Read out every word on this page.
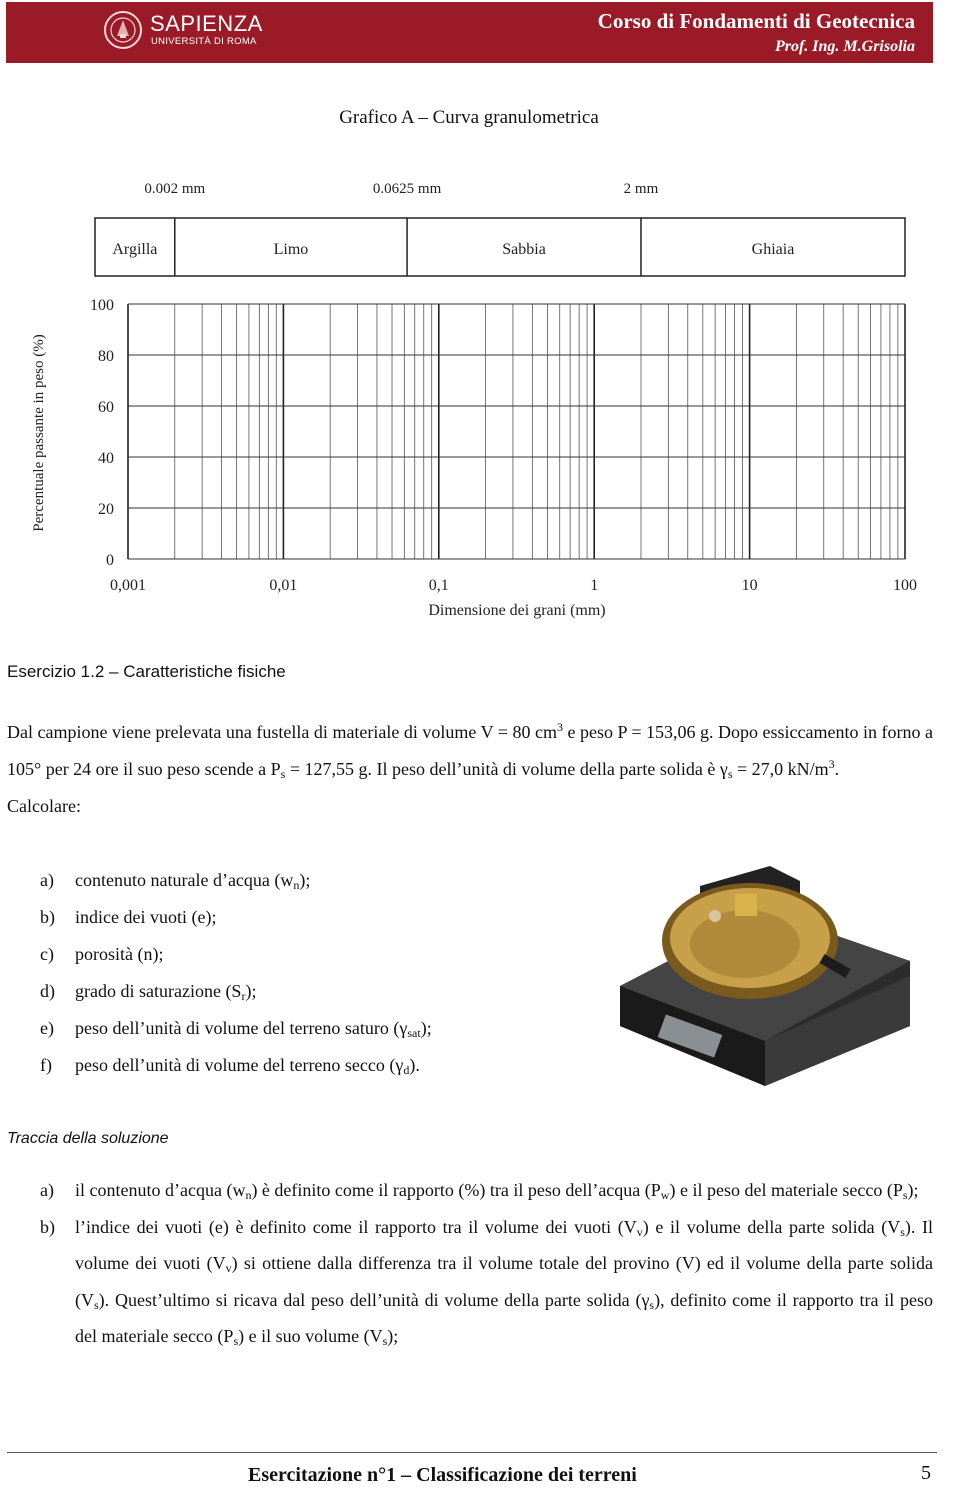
SAPIENZA
UNIVERSITÀ DI ROMA
Corso di Fondamenti di Geotecnica
Prof. Ing. M.Grisolia
Grafico A – Curva granulometrica
0.002 mm	0.0625 mm	2 mm
Argilla	Limo	Sabbia	Ghiaia
0,001	0,01	0,1	1	10	100
0
20
40
60
80
100
Dimensione dei grani (mm)
Percentuale passante in peso (%)
Esercizio 1.2 – Caratteristiche fisiche

Dal campione viene prelevata una fustella di materiale di volume V = 80 $cm^3$ e peso P = 153,06 g. Dopo essiccamento in forno a 105° per 24 ore il suo peso scende a $P_s = 127,55$ g. Il peso dell’unità di volume della parte solida è $\gamma_s = 27,0$ $kN/m^3$.

Calcolare:

a)	contenuto naturale d’acqua $(w_n)$;
b)	indice dei vuoti (e);
c)	porosità (n);
d)	grado di saturazione $(S_r)$;
e)	peso dell’unità di volume del terreno saturo $(\gamma_{sat})$;
f)	peso dell’unità di volume del terreno secco $(\gamma_d)$.
Traccia della soluzione
a)	il contenuto d’acqua $(w_n)$ è definito come il rapporto (%) tra il peso dell’acqua $(P_w)$ e il peso del materiale secco $(P_s)$;
b)	l’indice dei vuoti (e) è definito come il rapporto tra il volume dei vuoti $(V_v)$ e il volume della parte solida $(V_s)$. Il volume dei vuoti $(V_v)$ si ottiene dalla differenza tra il volume totale del provino (V) ed il volume della parte solida $(V_s)$. Quest’ultimo si ricava dal peso dell’unità di volume della parte solida $(\gamma_s)$, definito come il rapporto tra il peso del materiale secco $(P_s)$ e il suo volume $(V_s)$;
Esercitazione n°1 – Classificazione dei terreni	5
